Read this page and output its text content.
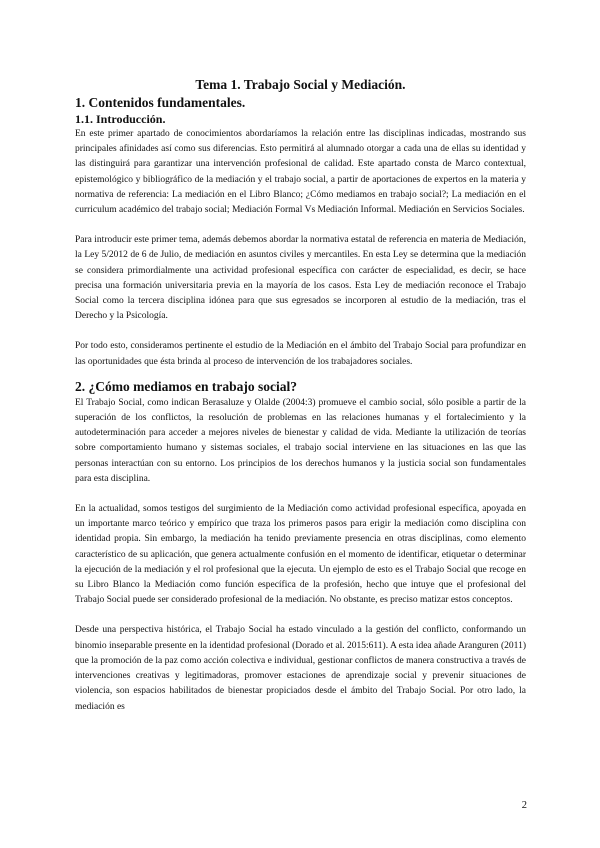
Tema 1. Trabajo Social y Mediación.
1. Contenidos fundamentales.
1.1. Introducción.

En este primer apartado de conocimientos abordaríamos la relación entre las disciplinas indicadas, mostrando sus principales afinidades así como sus diferencias. Esto permitirá al alumnado otorgar a cada una de ellas su identidad y las distinguirá para garantizar una intervención profesional de calidad. Este apartado consta de Marco contextual, epistemológico y bibliográfico de la mediación y el trabajo social, a partir de aportaciones de expertos en la materia y normativa de referencia: La mediación en el Libro Blanco; ¿Cómo mediamos en trabajo social?; La mediación en el curriculum académico del trabajo social; Mediación Formal Vs Mediación Informal. Mediación en Servicios Sociales.

Para introducir este primer tema, además debemos abordar la normativa estatal de referencia en materia de Mediación, la Ley 5/2012 de 6 de Julio, de mediación en asuntos civiles y mercantiles. En esta Ley se determina que la mediación se considera primordialmente una actividad profesional específica con carácter de especialidad, es decir, se hace precisa una formación universitaria previa en la mayoría de los casos. Esta Ley de mediación reconoce el Trabajo Social como la tercera disciplina idónea para que sus egresados se incorporen al estudio de la mediación, tras el Derecho y la Psicología.

Por todo esto, consideramos pertinente el estudio de la Mediación en el ámbito del Trabajo Social para profundizar en las oportunidades que ésta brinda al proceso de intervención de los trabajadores sociales.

2. ¿Cómo mediamos en trabajo social?

El Trabajo Social, como indican Berasaluze y Olalde (2004:3) promueve el cambio social, sólo posible a partir de la superación de los conflictos, la resolución de problemas en las relaciones humanas y el fortalecimiento y la autodeterminación para acceder a mejores niveles de bienestar y calidad de vida. Mediante la utilización de teorías sobre comportamiento humano y sistemas sociales, el trabajo social interviene en las situaciones en las que las personas interactúan con su entorno. Los principios de los derechos humanos y la justicia social son fundamentales para esta disciplina.

En la actualidad, somos testigos del surgimiento de la Mediación como actividad profesional específica, apoyada en un importante marco teórico y empírico que traza los primeros pasos para erigir la mediación como disciplina con identidad propia. Sin embargo, la mediación ha tenido previamente presencia en otras disciplinas, como elemento característico de su aplicación, que genera actualmente confusión en el momento de identificar, etiquetar o determinar la ejecución de la mediación y el rol profesional que la ejecuta. Un ejemplo de esto es el Trabajo Social que recoge en su Libro Blanco la Mediación como función específica de la profesión, hecho que intuye que el profesional del Trabajo Social puede ser considerado profesional de la mediación. No obstante, es preciso matizar estos conceptos.

Desde una perspectiva histórica, el Trabajo Social ha estado vinculado a la gestión del conflicto, conformando un binomio inseparable presente en la identidad profesional (Dorado et al. 2015:611). A esta idea añade Aranguren (2011) que la promoción de la paz como acción colectiva e individual, gestionar conflictos de manera constructiva a través de intervenciones creativas y legitimadoras, promover estaciones de aprendizaje social y prevenir situaciones de violencia, son espacios habilitados de bienestar propiciados desde el ámbito del Trabajo Social. Por otro lado, la mediación es

2
